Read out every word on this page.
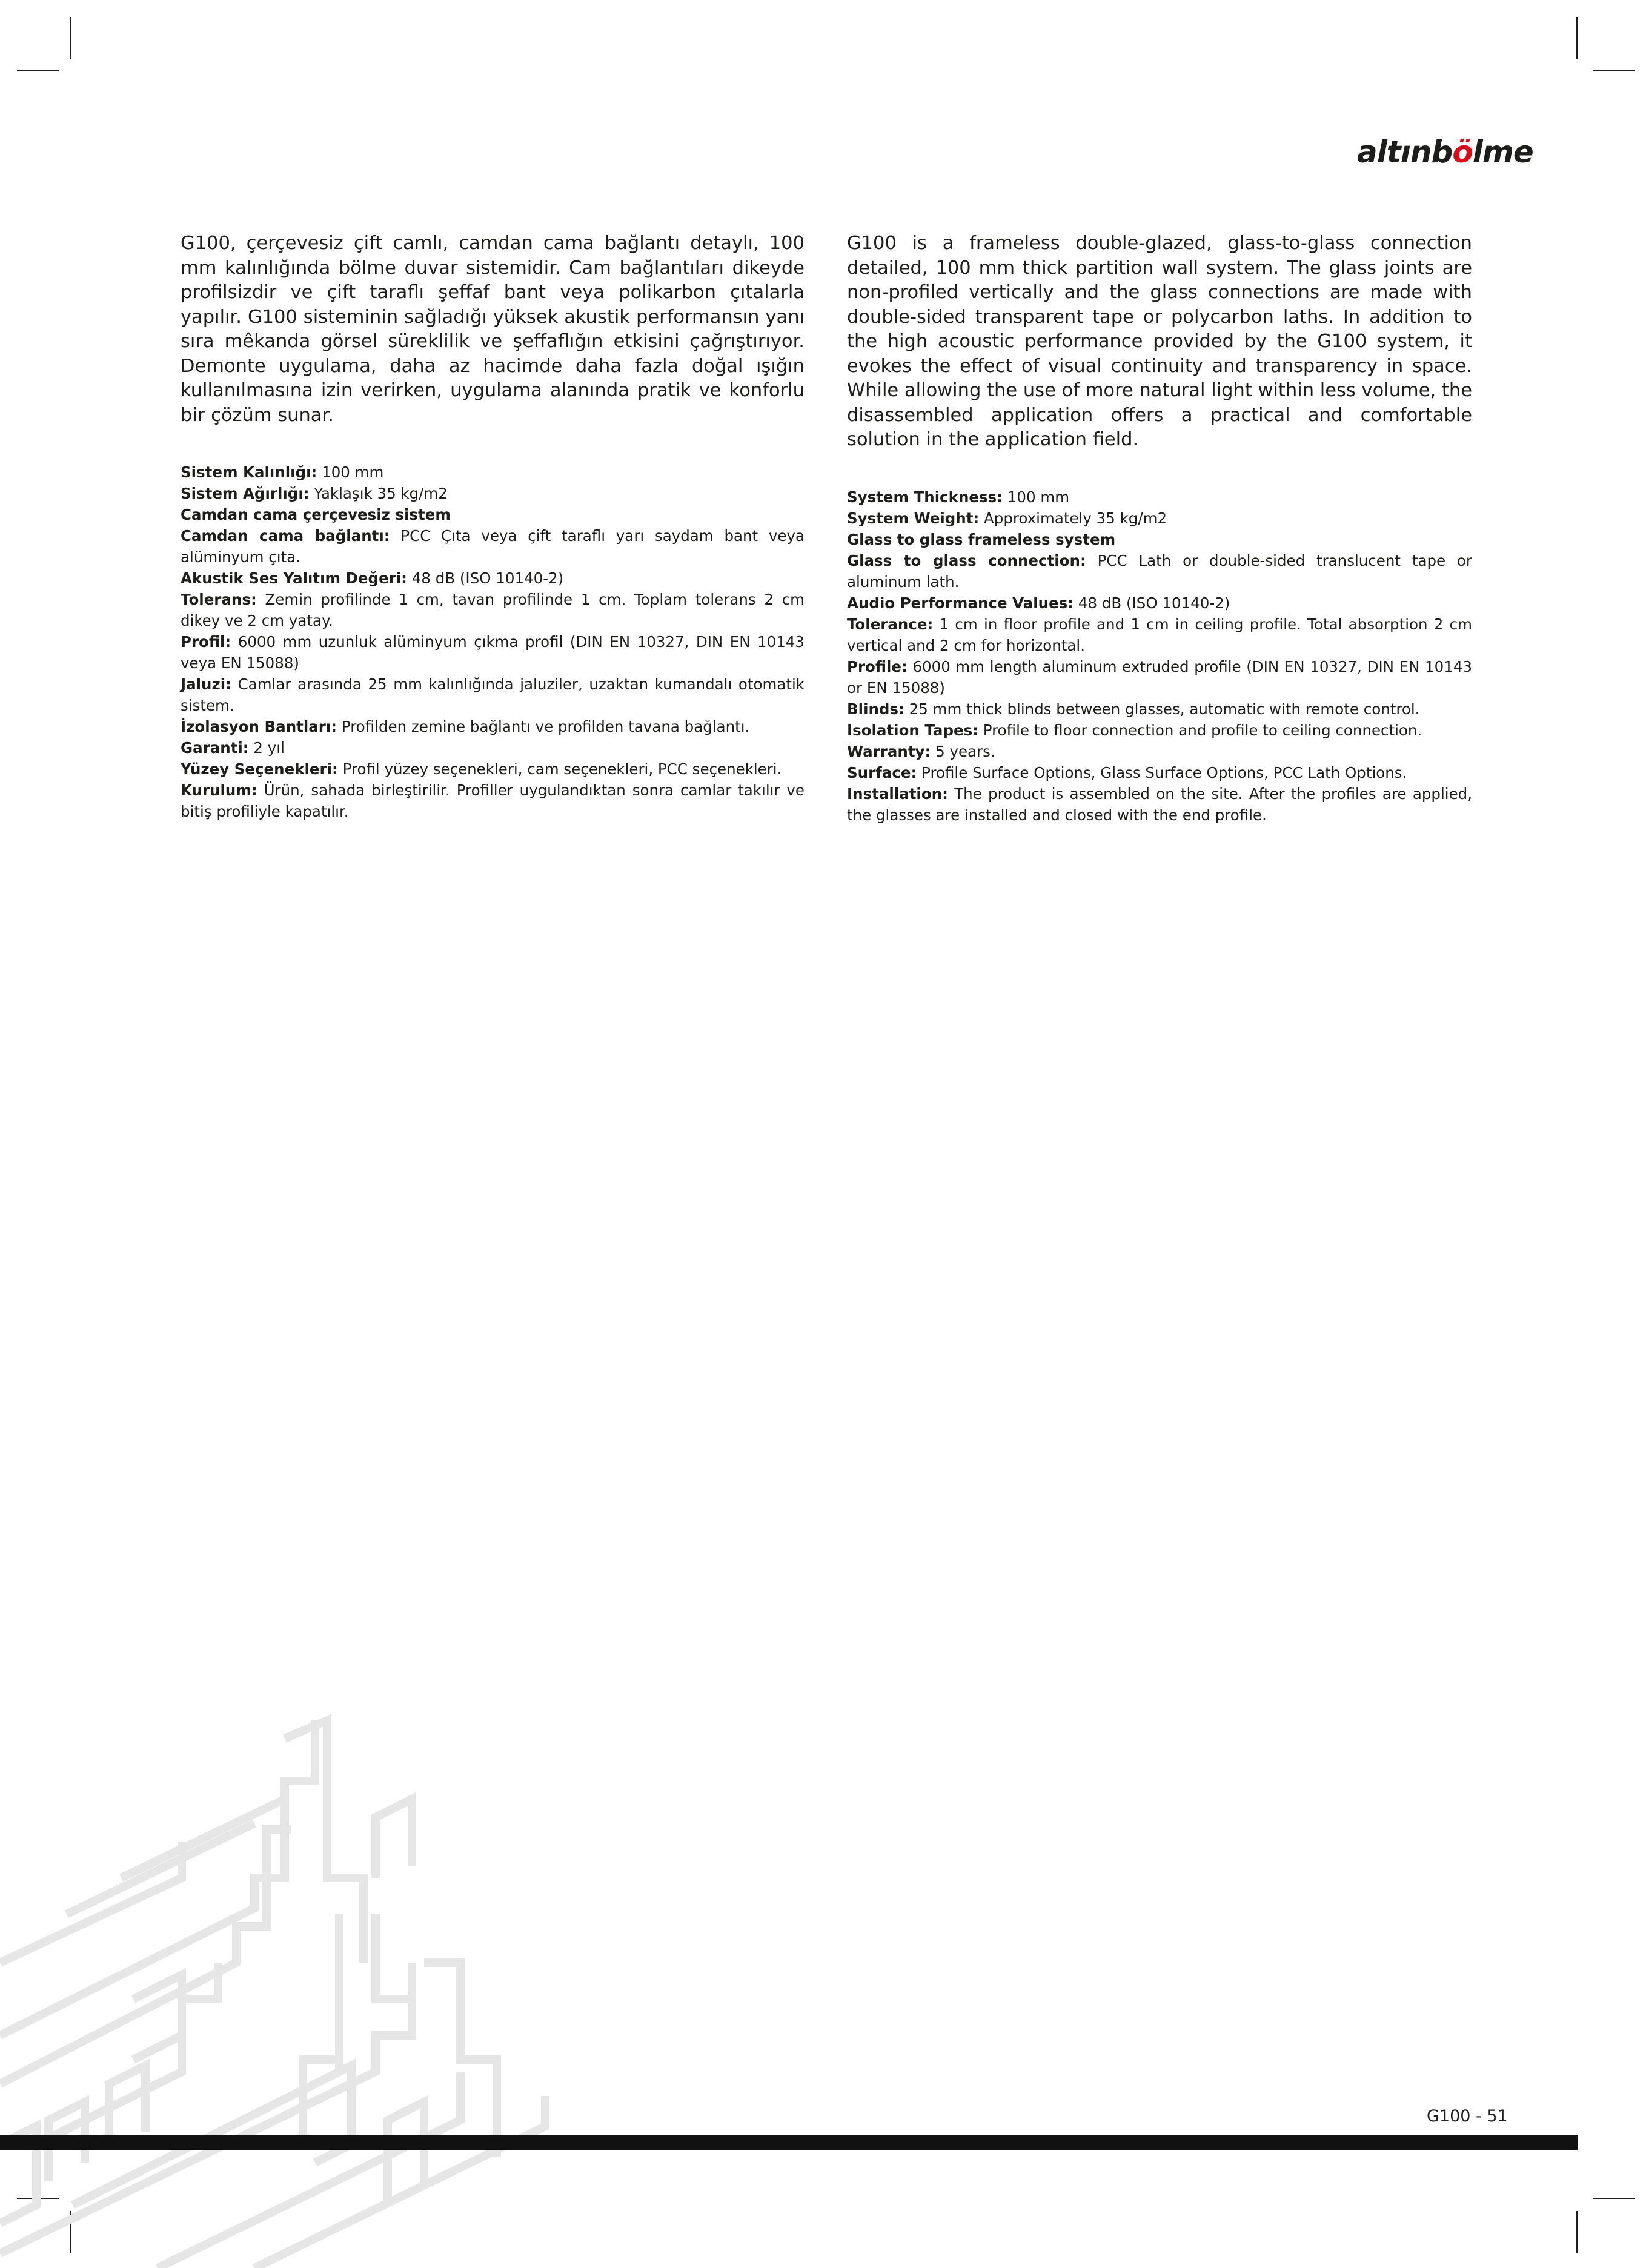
altınbölme

G100, çerçevesiz çift camlı, camdan cama bağlantı detaylı, 100 mm kalınlığında bölme duvar sistemidir. Cam bağlantıları dikeyde profilsizdir ve çift taraflı şeffaf bant veya polikarbon çıtalarla yapılır. G100 sisteminin sağladığı yüksek akustik performansın yanı sıra mêkanda görsel süreklilik ve şeffaflığın etkisini çağrıştırıyor. Demonte uygulama, daha az hacimde daha fazla doğal ışığın kullanılmasına izin verirken, uygulama alanında pratik ve konforlu bir çözüm sunar.

Sistem Kalınlığı: 100 mm

Sistem Ağırlığı: Yaklaşık 35 kg/m2

Camdan cama çerçevesiz sistem

Camdan cama bağlantı: PCC Çıta veya çift taraflı yarı saydam bant veya alüminyum çıta.

Akustik Ses Yalıtım Değeri: 48 dB (ISO 10140-2)

Tolerans: Zemin profilinde 1 cm, tavan profilinde 1 cm. Toplam tolerans 2 cm dikey ve 2 cm yatay.

Profil: 6000 mm uzunluk alüminyum çıkma profil (DIN EN 10327, DIN EN 10143 veya EN 15088)

Jaluzi: Camlar arasında 25 mm kalınlığında jaluziler, uzaktan kumandalı otomatik sistem.

İzolasyon Bantları: Profilden zemine bağlantı ve profilden tavana bağlantı.

Garanti: 2 yıl

Yüzey Seçenekleri: Profil yüzey seçenekleri, cam seçenekleri, PCC seçenekleri.

Kurulum: Ürün, sahada birleştirilir. Profiller uygulandıktan sonra camlar takılır ve bitiş profiliyle kapatılır.

G100 is a frameless double-glazed, glass-to-glass connection detailed, 100 mm thick partition wall system. The glass joints are non-profiled vertically and the glass connections are made with double-sided transparent tape or polycarbon laths. In addition to the high acoustic performance provided by the G100 system, it evokes the effect of visual continuity and transparency in space. While allowing the use of more natural light within less volume, the disassembled application offers a practical and comfortable solution in the application field.

System Thickness: 100 mm

System Weight: Approximately 35 kg/m2

Glass to glass frameless system

Glass to glass connection: PCC Lath or double-sided translucent tape or aluminum lath.

Audio Performance Values: 48 dB (ISO 10140-2)

Tolerance: 1 cm in floor profile and 1 cm in ceiling profile. Total absorption 2 cm vertical and 2 cm for horizontal.

Profile: 6000 mm length aluminum extruded profile (DIN EN 10327, DIN EN 10143 or EN 15088)

Blinds: 25 mm thick blinds between glasses, automatic with remote control.

Isolation Tapes: Profile to floor connection and profile to ceiling connection.

Warranty: 5 years.

Surface: Profile Surface Options, Glass Surface Options, PCC Lath Options.

Installation: The product is assembled on the site. After the profiles are applied, the glasses are installed and closed with the end profile.

G100 - 51
